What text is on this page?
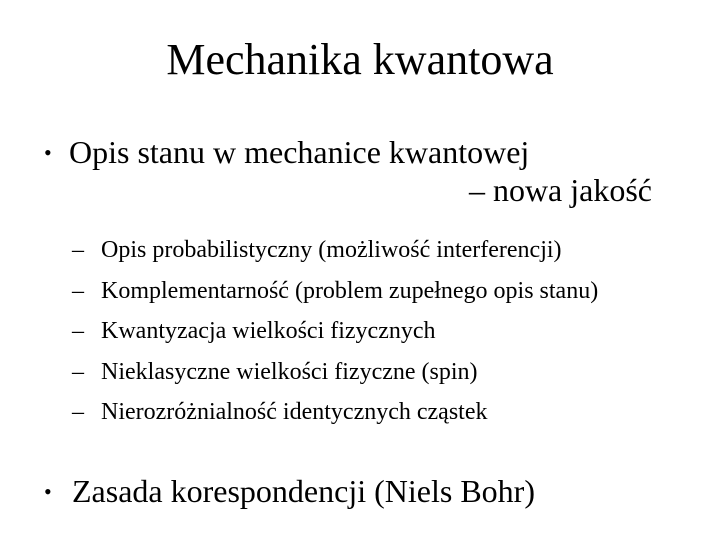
Mechanika kwantowa
• Opis stanu w mechanice kwantowej
– nowa jakość
– Opis probabilistyczny (możliwość interferencji)
– Komplementarność (problem zupełnego opis stanu)
– Kwantyzacja wielkości fizycznych
– Nieklasyczne wielkości fizyczne (spin)
– Nierozróżnialność identycznych cząstek
• Zasada korespondencji (Niels Bohr)
